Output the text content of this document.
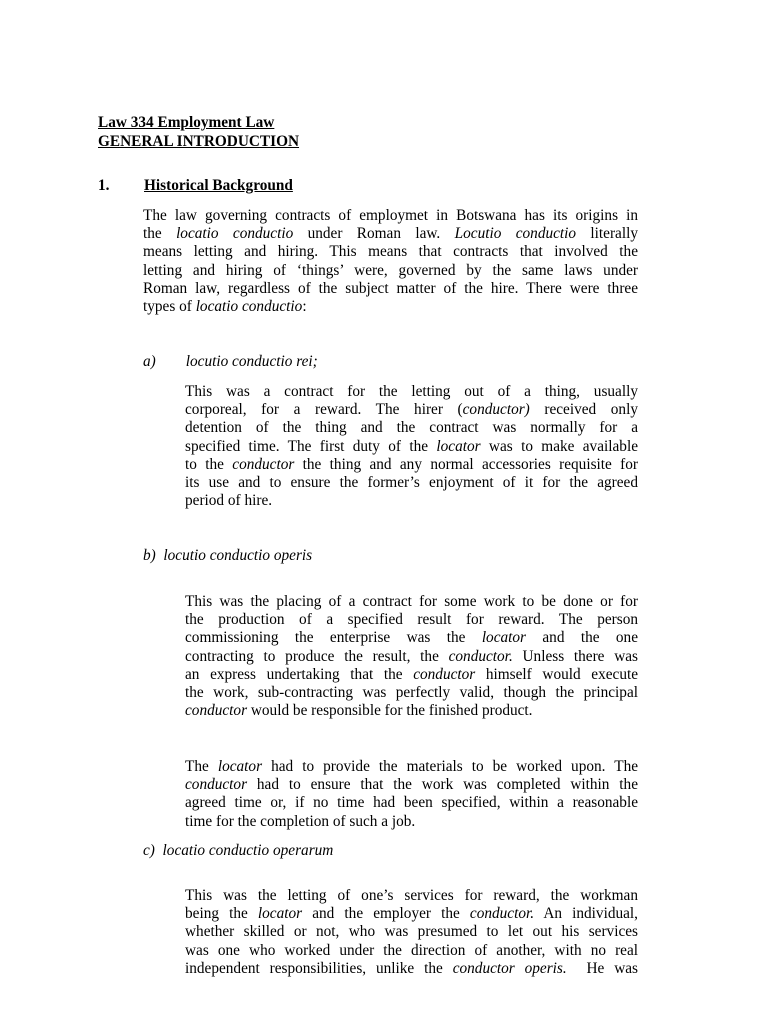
Law 334 Employment Law
GENERAL INTRODUCTION
1.	Historical Background
The law governing contracts of employmet in Botswana has its origins in
the locatio conductio under Roman law. Locutio conductio literally
means letting and hiring. This means that contracts that involved the
letting and hiring of ‘things’ were, governed by the same laws under
Roman law, regardless of the subject matter of the hire. There were three
types of locatio conductio:
a) locutio conductio rei;
This was a contract for the letting out of a thing, usually
corporeal, for a reward. The hirer (conductor) received only
detention of the thing and the contract was normally for a
specified time. The first duty of the locator was to make available
to the conductor the thing and any normal accessories requisite for
its use and to ensure the former’s enjoyment of it for the agreed
period of hire.
b) locutio conductio operis
This was the placing of a contract for some work to be done or for
the production of a specified result for reward. The person
commissioning the enterprise was the locator and the one
contracting to produce the result, the conductor. Unless there was
an express undertaking that the conductor himself would execute
the work, sub-contracting was perfectly valid, though the principal
conductor would be responsible for the finished product.
The locator had to provide the materials to be worked upon. The
conductor had to ensure that the work was completed within the
agreed time or, if no time had been specified, within a reasonable
time for the completion of such a job.
c) locatio conductio operarum
This was the letting of one’s services for reward, the workman
being the locator and the employer the conductor. An individual,
whether skilled or not, who was presumed to let out his services
was one who worked under the direction of another, with no real
independent responsibilities, unlike the conductor operis.  He was
